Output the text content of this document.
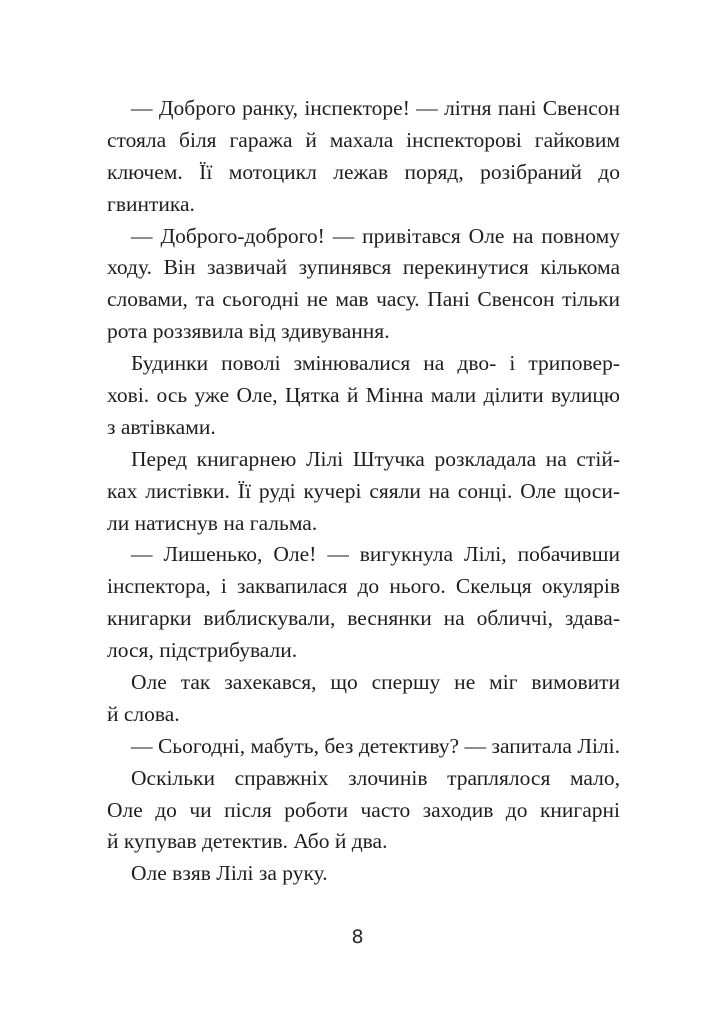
— Доброго ранку, інспекторе! — літня пані Свенсон
стояла біля гаража й махала інспекторові гайковим
ключем. Її мотоцикл лежав поряд, розібраний до
гвинтика.
— Доброго-доброго! — привітався Оле на повному
ходу. Він зазвичай зупинявся перекинутися кількома
словами, та сьогодні не мав часу. Пані Свенсон тільки
рота роззявила від здивування.
Будинки поволі змінювалися на дво- і триповер-
хові. ось уже Оле, Цятка й Мінна мали ділити вулицю
з автівками.
Перед книгарнею Лілі Штучка розкладала на стій-
ках листівки. Її руді кучері сяяли на сонці. Оле щоси-
ли натиснув на гальма.
— Лишенько, Оле! — вигукнула Лілі, побачивши
інспектора, і заквапилася до нього. Скельця окулярів
книгарки виблискували, веснянки на обличчі, здава-
лося, підстрибували.
Оле так захекався, що спершу не міг вимовити
й слова.
— Сьогодні, мабуть, без детективу? — запитала Лілі.
Оскільки справжніх злочинів траплялося мало,
Оле до чи після роботи часто заходив до книгарні
й купував детектив. Або й два.
Оле взяв Лілі за руку.
8
